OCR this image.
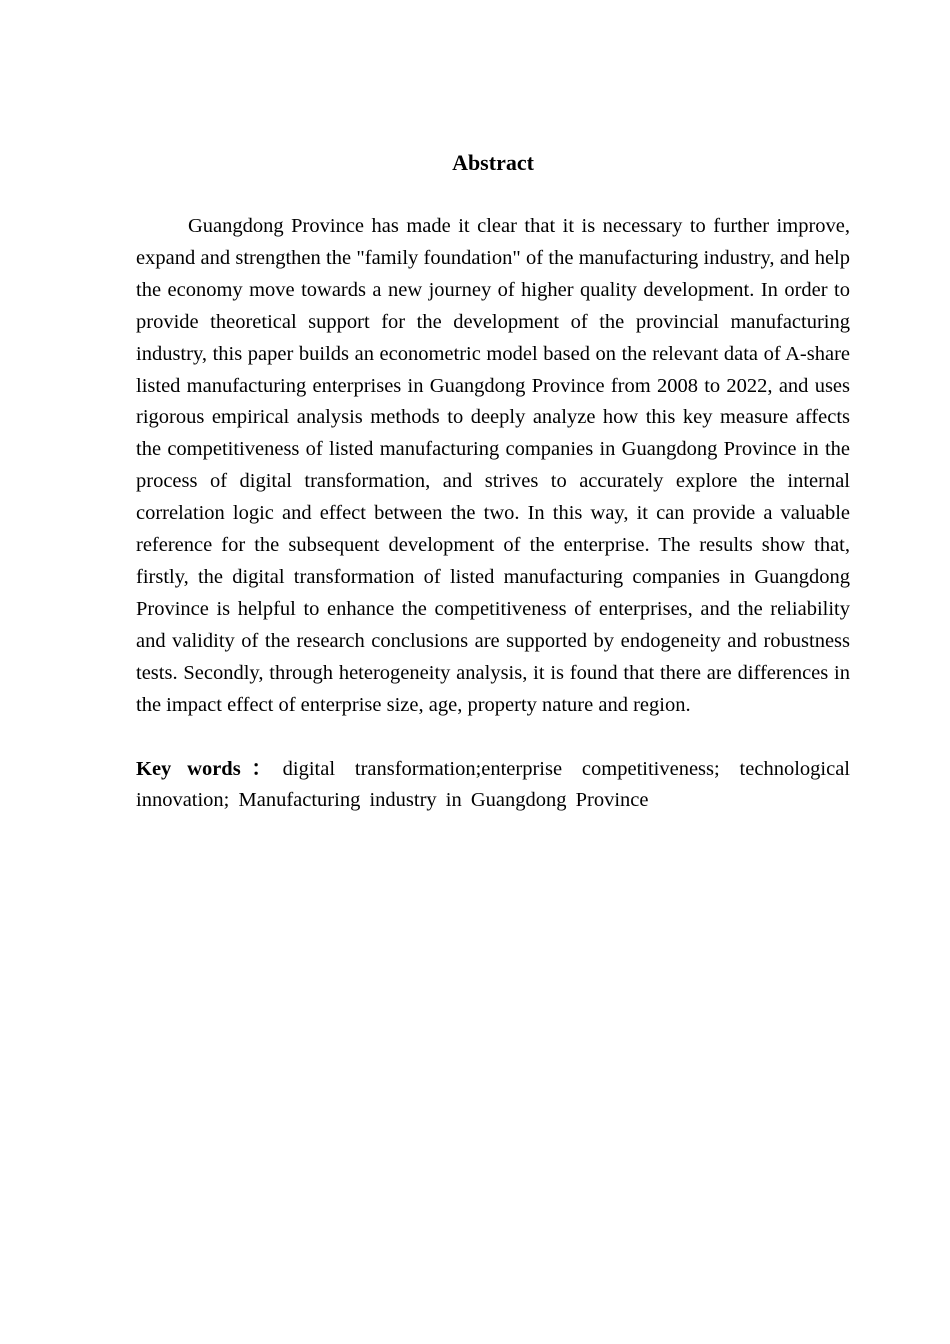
Abstract

Guangdong Province has made it clear that it is necessary to further improve, expand and strengthen the "family foundation" of the manufacturing industry, and help the economy move towards a new journey of higher quality development. In order to provide theoretical support for the development of the provincial manufacturing industry, this paper builds an econometric model based on the relevant data of A-share listed manufacturing enterprises in Guangdong Province from 2008 to 2022, and uses rigorous empirical analysis methods to deeply analyze how this key measure affects the competitiveness of listed manufacturing companies in Guangdong Province in the process of digital transformation, and strives to accurately explore the internal correlation logic and effect between the two. In this way, it can provide a valuable reference for the subsequent development of the enterprise. The results show that, firstly, the digital transformation of listed manufacturing companies in Guangdong Province is helpful to enhance the competitiveness of enterprises, and the reliability and validity of the research conclusions are supported by endogeneity and robustness tests. Secondly, through heterogeneity analysis, it is found that there are differences in the impact effect of enterprise size, age, property nature and region.

Key words：digital transformation;enterprise competitiveness; technological innovation; Manufacturing industry in Guangdong Province
